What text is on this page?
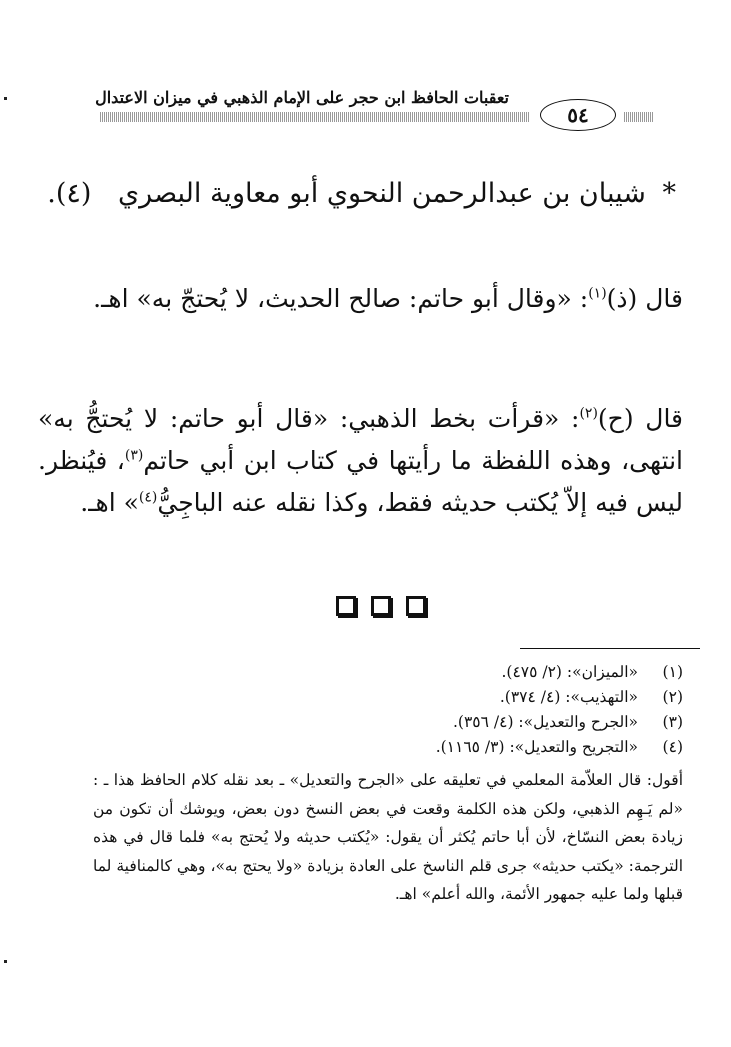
تعقبات الحافظ ابن حجر على الإمام الذهبي في ميزان الاعتدال
٥٤
* شيبان بن عبدالرحمن النحوي أبو معاوية البصري (٤).
قال (ذ)$^{(١)}$: «وقال أبو حاتم: صالح الحديث، لا يُحتجّ به» اهـ.
قال (ح)$^{(٢)}$: «قرأت بخط الذهبي: «قال أبو حاتم: لا يُحتجُّ به» انتهى، وهذه اللفظة ما رأيتها في كتاب ابن أبي حاتم$^{(٣)}$، فيُنظر. ليس فيه إلاّ يُكتب حديثه فقط، وكذا نقله عنه الباجِيُّ$^{(٤)}$» اهـ.
(١)
«الميزان»: (٢/ ٤٧٥).
(٢)
«التهذيب»: (٤/ ٣٧٤).
(٣)
«الجرح والتعديل»: (٤/ ٣٥٦).
(٤)
«التجريح والتعديل»: (٣/ ١١٦٥).
أقول: قال العلاّمة المعلمي في تعليقه على «الجرح والتعديل» ـ بعد نقله كلام الحافظ هذا ـ : «لم يَـهِم الذهبي، ولكن هذه الكلمة وقعت في بعض النسخ دون بعض، ويوشك أن تكون من زيادة بعض النسّاخ، لأن أبا حاتم يُكثر أن يقول: «يُكتب حديثه ولا يُحتج به» فلما قال في هذه الترجمة: «يكتب حديثه» جرى قلم الناسخ على العادة بزيادة «ولا يحتج به»، وهي كالمنافية لما قبلها ولما عليه جمهور الأئمة، والله أعلم» اهـ.
